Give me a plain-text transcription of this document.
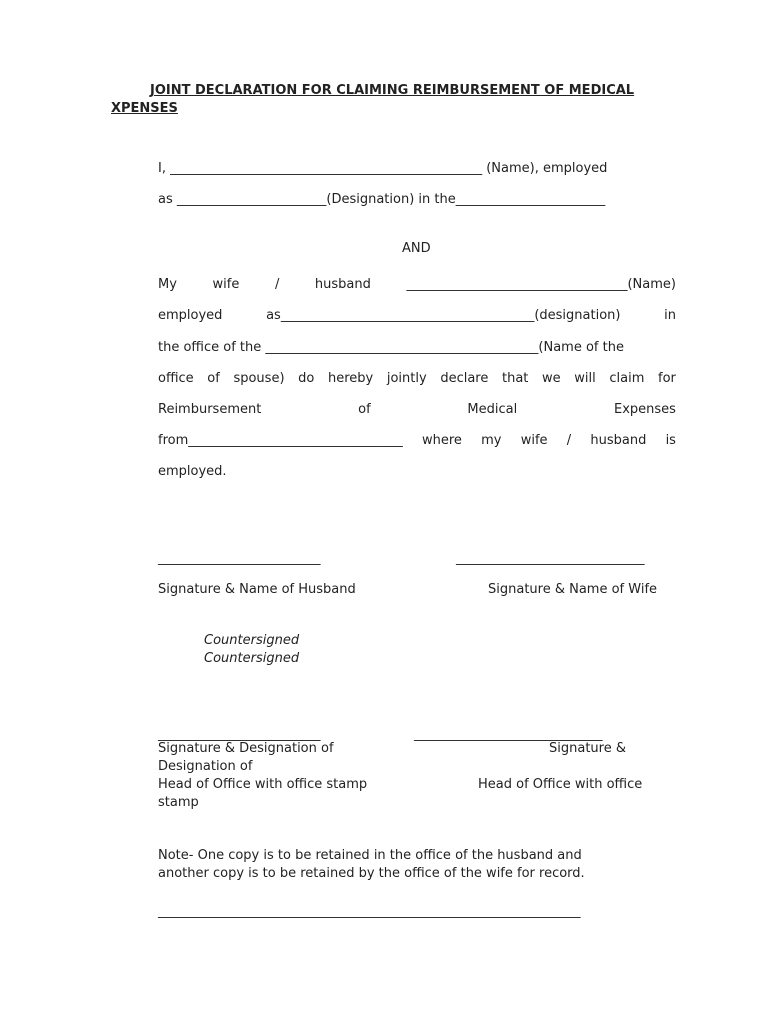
JOINT DECLARATION FOR CLAIMING REIMBURSEMENT OF MEDICAL
XPENSES
I, ________________________________________________ (Name), employed
as _______________________(Designation) in the_______________________
AND
My	wife	/	husband	__________________________________(Name)
employed	as_______________________________________(designation)	in
the office of the __________________________________________(Name of the
office of spouse) do hereby jointly declare that we will claim for
Reimbursement	of	Medical	Expenses
from_________________________________ where my wife / husband is
employed.
_________________________	_____________________________
Signature & Name of Husband	Signature & Name of Wife
Countersigned
Countersigned
_________________________	_____________________________
Signature & Designation of	Signature &
Designation of
Head of Office with office stamp	Head of Office with office
stamp
Note- One copy is to be retained in the office of the husband and
another copy is to be retained by the office of the wife for record.
_________________________________________________________________
